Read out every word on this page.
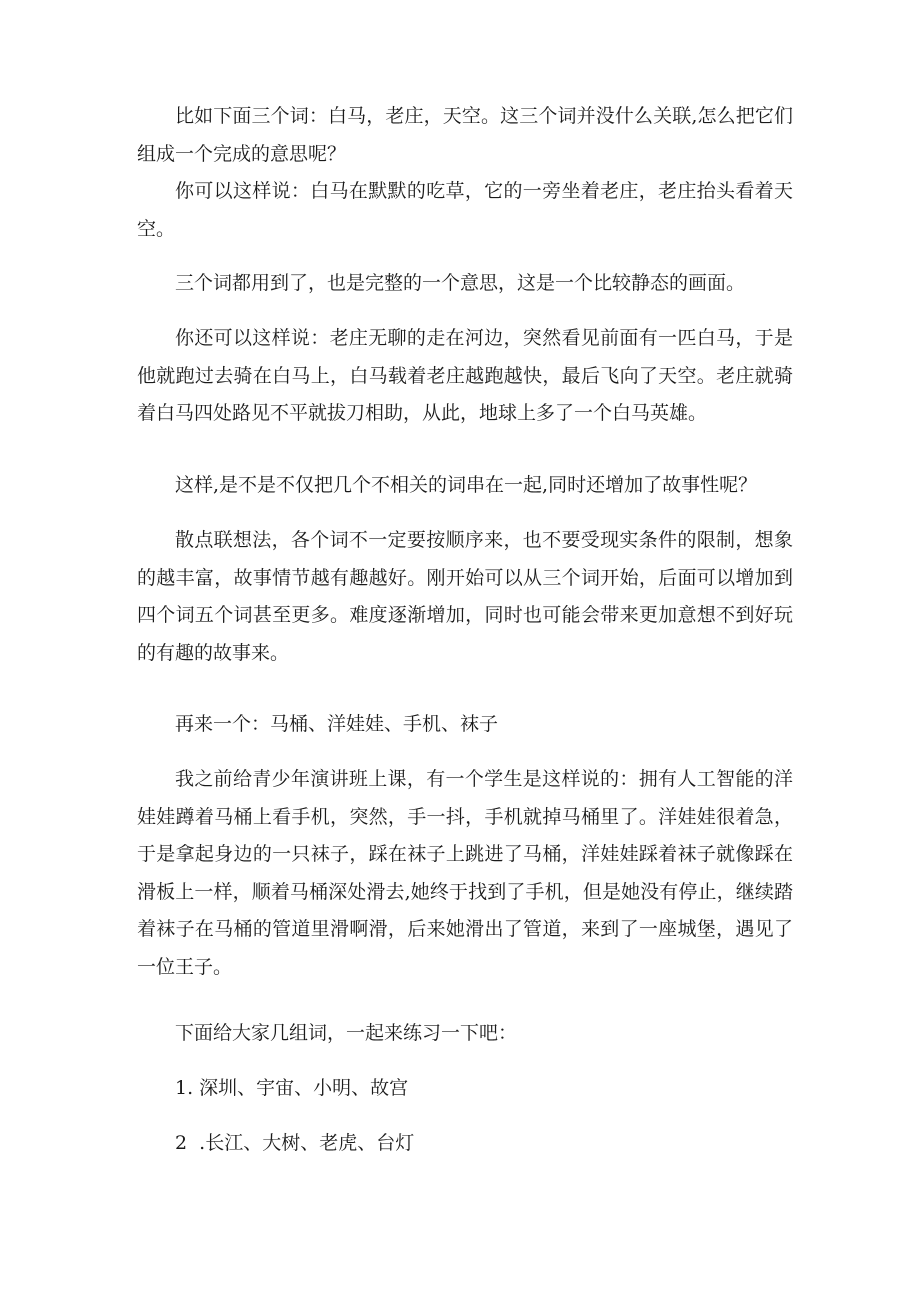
比如下面三个词：白马，老庄，天空。这三个词并没什么关联,怎么把它们组成一个完成的意思呢？

你可以这样说：白马在默默的吃草，它的一旁坐着老庄，老庄抬头看着天空。

三个词都用到了，也是完整的一个意思，这是一个比较静态的画面。

你还可以这样说：老庄无聊的走在河边，突然看见前面有一匹白马，于是他就跑过去骑在白马上，白马载着老庄越跑越快，最后飞向了天空。老庄就骑着白马四处路见不平就拔刀相助，从此，地球上多了一个白马英雄。

这样,是不是不仅把几个不相关的词串在一起,同时还增加了故事性呢？

散点联想法，各个词不一定要按顺序来，也不要受现实条件的限制，想象的越丰富，故事情节越有趣越好。刚开始可以从三个词开始，后面可以增加到四个词五个词甚至更多。难度逐渐增加，同时也可能会带来更加意想不到好玩的有趣的故事来。

再来一个：马桶、洋娃娃、手机、袜子

我之前给青少年演讲班上课，有一个学生是这样说的：拥有人工智能的洋娃娃蹲着马桶上看手机，突然，手一抖，手机就掉马桶里了。洋娃娃很着急，于是拿起身边的一只袜子，踩在袜子上跳进了马桶，洋娃娃踩着袜子就像踩在滑板上一样，顺着马桶深处滑去,她终于找到了手机，但是她没有停止，继续踏着袜子在马桶的管道里滑啊滑，后来她滑出了管道，来到了一座城堡，遇见了一位王子。

下面给大家几组词，一起来练习一下吧：

1. 深圳、宇宙、小明、故宫

2  .长江、大树、老虎、台灯
